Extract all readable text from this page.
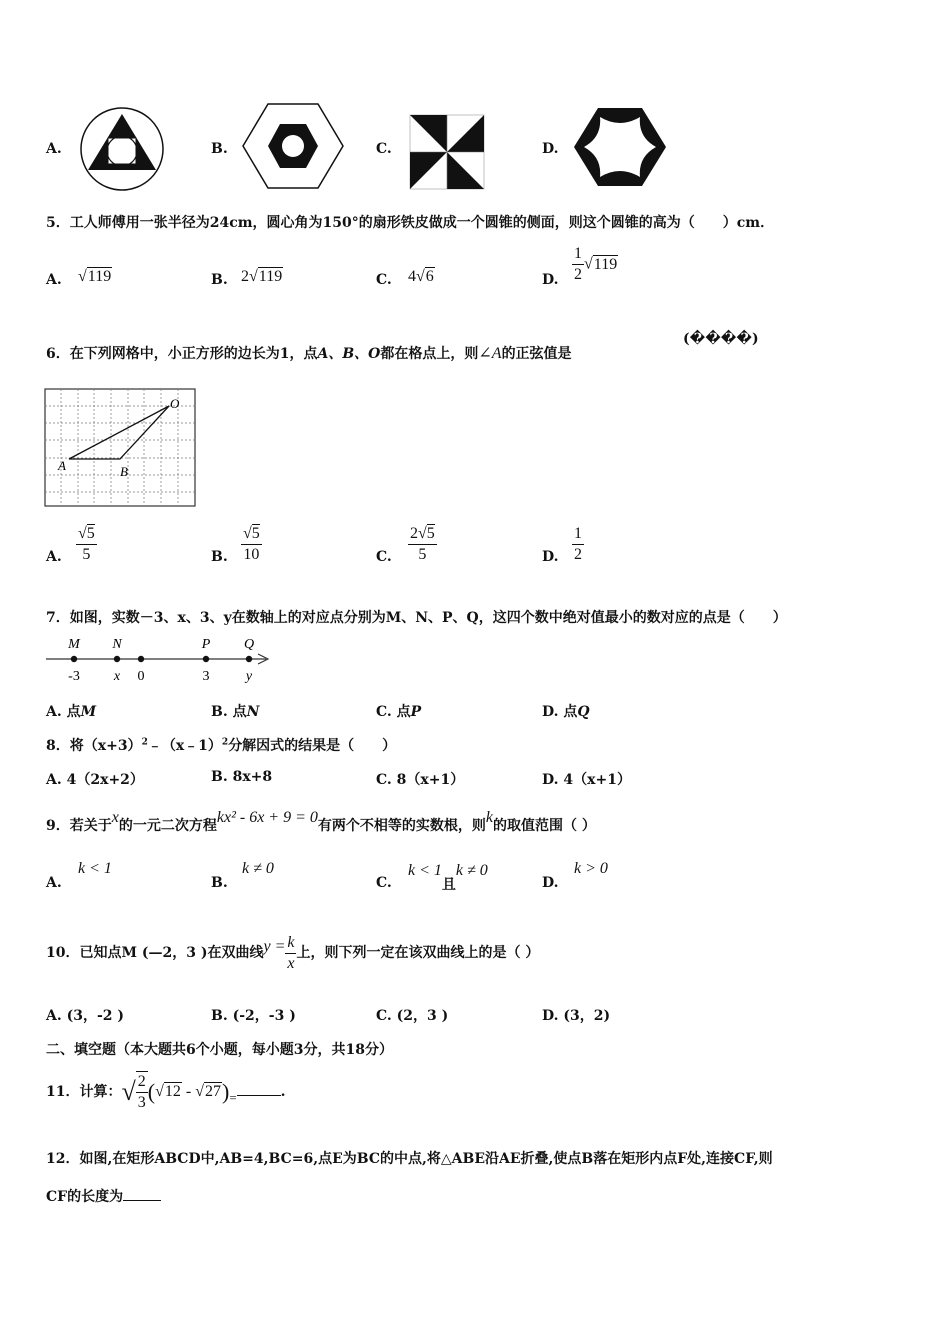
A.	B.	C.	D.
5．工人师傅用一张半径为24cm，圆心角为150°的扇形铁皮做成一个圆锥的侧面，则这个圆锥的高为（　　）cm．
A. √119	B. 2√119	C. 4√6	D. $\frac{1}{2} √119$
6．在下列网格中，小正方形的边长为1，点A、B、O都在格点上，则∠A的正弦值是
(����)
A	B
O
A. $\frac{√5}{5}$	B. $\frac{√5}{10}$	C. $\frac{2√5}{5}$	D. $\frac{1}{2}$
7．如图，实数－3、x、3、y在数轴上的对应点分别为M、N、P、Q，这四个数中绝对值最小的数对应的点是（　　）
M
-3
N
x 0
P
3
Q
y
A. 点M	B. 点N	C. 点P	D. 点Q
8．将$(x+3)^2﹣(x﹣1)^2$分解因式的结果是（　　）
A. 4（2x+2）	B. 8x+8	C. 8（x+1）	D. 4（x+1）
9．若关于x的一元二次方程kx² - 6x + 9 = 0有两个不相等的实数根，则k的取值范围（ ）
A.
k < 1
B.
k ≠ 0
C.
k < 1且k ≠ 0
D.
k > 0
10．已知点M (—2，3 )在双曲线$y = \frac{k}{x}$ 上，则下列一定在该双曲线上的是（ ）
A. (3，-2 )	B. (-2，-3 )	C. (2，3 )	D. (3，2)
二、填空题（本大题共6个小题，每小题3分，共18分）
11．计算：√ $\frac{2}{3} (√12 - √27)=$	.
12．如图,在矩形ABCD中,AB=4,BC=6,点E为BC的中点,将△ABE沿AE折叠,使点B落在矩形内点F处,连接CF,则
CF的长度为
